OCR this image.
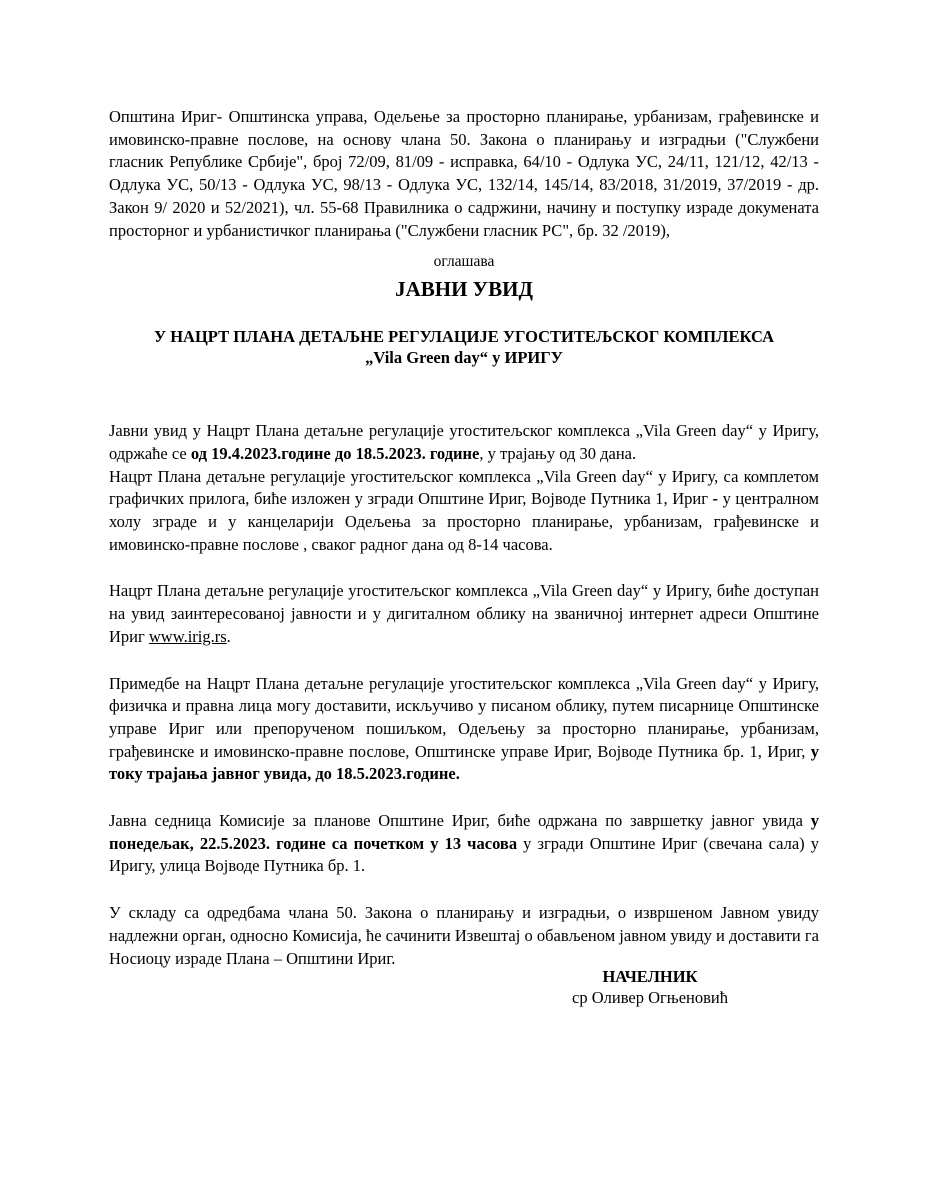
Општина Ириг- Општинска управа, Одељење за просторно планирање, урбанизам, грађевинске и имовинско-правне послове, на основу члана 50. Закона о планирању и изградњи ("Службени гласник Републике Србије", број 72/09, 81/09 - исправка, 64/10 - Одлука УС, 24/11, 121/12, 42/13 - Одлука УС, 50/13 - Одлука УС, 98/13 - Одлука УС, 132/14, 145/14, 83/2018, 31/2019, 37/2019 - др. Закон 9/ 2020 и 52/2021), чл. 55-68 Правилника о садржини, начину и поступку израде докумената просторног и урбанистичког планирања ("Службени гласник РС", бр. 32 /2019),

оглашава

ЈАВНИ УВИД

У НАЦРТ ПЛАНА ДЕТАЉНЕ РЕГУЛАЦИЈЕ УГОСТИТЕЉСКОГ КОМПЛЕКСА
„Vila Green day“ у ИРИГУ

Јавни увид у Нацрт Плана детаљне регулације угоститељског комплекса „Vila Green day“ у Иригу, одржаће се од 19.4.2023.године до 18.5.2023. године, у трајању од 30 дана.

Нацрт Плана детаљне регулације угоститељског комплекса „Vila Green day“ у Иригу, са комплетом графичких прилога, биће изложен у згради Општине Ириг, Војводе Путника 1, Ириг - у централном холу зграде и у канцеларији Одељења за просторно планирање, урбанизам, грађевинске и имовинско-правне послове , сваког радног дана од 8-14 часова.

Нацрт Плана детаљне регулације угоститељског комплекса „Vila Green day“ у Иригу, биће доступан на увид заинтересованој јавности и у дигиталном облику на званичној интернет адреси Општине Ириг www.irig.rs.

Примедбе на Нацрт Плана детаљне регулације угоститељског комплекса „Vila Green day“ у Иригу, физичка и правна лица могу доставити, искључиво у писаном облику, путем писарнице Општинске управе Ириг или препорученом пошиљком, Одељењу за просторно планирање, урбанизам, грађевинске и имовинско-правне послове, Општинске управе Ириг, Војводе Путника бр. 1, Ириг, у току трајања јавног увида, до 18.5.2023.године.

Јавна седница Комисије за планове Општине Ириг, биће одржана по завршетку јавног увида у понедељак, 22.5.2023. године са почетком у 13 часова у згради Општине Ириг (свечана сала) у Иригу, улица Војводе Путника бр. 1.

У складу са одредбама члана 50. Закона о планирању и изградњи, о извршеном Јавном увиду надлежни орган, односно Комисија, ће сачинити Извештај о обављеном јавном увиду и доставити га Носиоцу израде Плана – Општини Ириг.

НАЧЕЛНИК
ср Оливер Огњеновић
